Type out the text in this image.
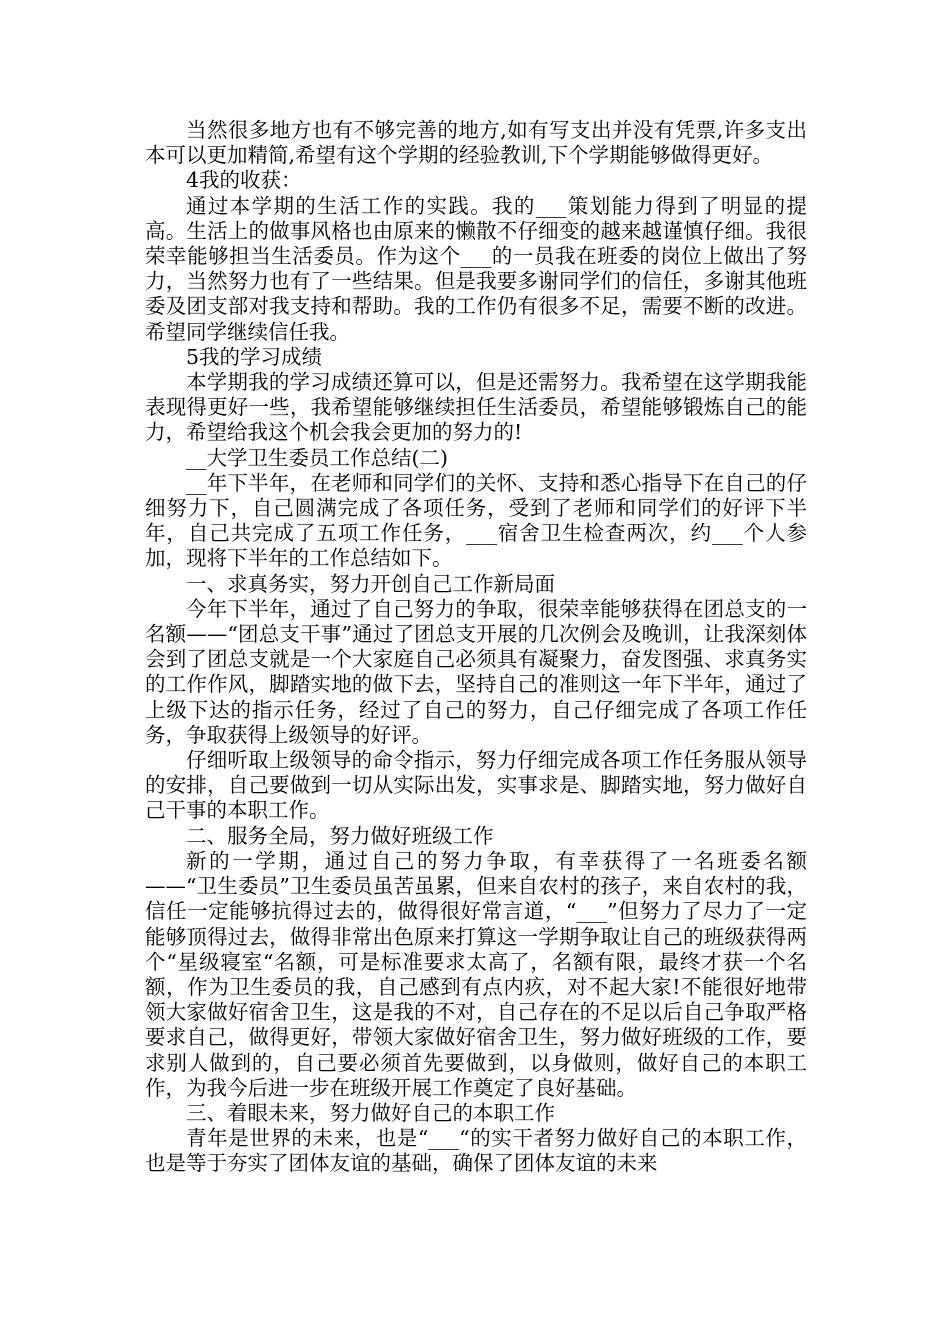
当然很多地方也有不够完善的地方,如有写支出并没有凭票,许多支出本可以更加精简,希望有这个学期的经验教训,下个学期能够做得更好。

4我的收获：

通过本学期的生活工作的实践。我的___策划能力得到了明显的提高。生活上的做事风格也由原来的懒散不仔细变的越来越谨慎仔细。我很荣幸能够担当生活委员。作为这个___的一员我在班委的岗位上做出了努力，当然努力也有了一些结果。但是我要多谢同学们的信任，多谢其他班委及团支部对我支持和帮助。我的工作仍有很多不足，需要不断的改进。希望同学继续信任我。

5我的学习成绩

本学期我的学习成绩还算可以，但是还需努力。我希望在这学期我能表现得更好一些，我希望能够继续担任生活委员，希望能够锻炼自己的能力，希望给我这个机会我会更加的努力的!

__大学卫生委员工作总结(二)

__年下半年，在老师和同学们的关怀、支持和悉心指导下在自己的仔细努力下，自己圆满完成了各项任务，受到了老师和同学们的好评下半年，自己共完成了五项工作任务，___宿舍卫生检查两次，约___个人参加，现将下半年的工作总结如下。

一、求真务实，努力开创自己工作新局面

今年下半年，通过了自己努力的争取，很荣幸能够获得在团总支的一名额——“团总支干事”通过了团总支开展的几次例会及晚训，让我深刻体会到了团总支就是一个大家庭自己必须具有凝聚力，奋发图强、求真务实的工作作风，脚踏实地的做下去，坚持自己的准则这一年下半年，通过了上级下达的指示任务，经过了自己的努力，自己仔细完成了各项工作任务，争取获得上级领导的好评。

仔细听取上级领导的命令指示，努力仔细完成各项工作任务服从领导的安排，自己要做到一切从实际出发，实事求是、脚踏实地，努力做好自己干事的本职工作。

二、服务全局，努力做好班级工作

新的一学期，通过自己的努力争取，有幸获得了一名班委名额——“卫生委员”卫生委员虽苦虽累，但来自农村的孩子，来自农村的我，信任一定能够抗得过去的，做得很好常言道，“___”但努力了尽力了一定能够顶得过去，做得非常出色原来打算这一学期争取让自己的班级获得两个“星级寝室“名额，可是标准要求太高了，名额有限，最终才获一个名额，作为卫生委员的我，自己感到有点内疚，对不起大家!不能很好地带领大家做好宿舍卫生，这是我的不对，自己存在的不足以后自己争取严格要求自己，做得更好，带领大家做好宿舍卫生，努力做好班级的工作，要求别人做到的，自己要必须首先要做到，以身做则，做好自己的本职工作，为我今后进一步在班级开展工作奠定了良好基础。

三、着眼未来，努力做好自己的本职工作

青年是世界的未来，也是“___“的实干者努力做好自己的本职工作，也是等于夯实了团体友谊的基础，确保了团体友谊的未来
